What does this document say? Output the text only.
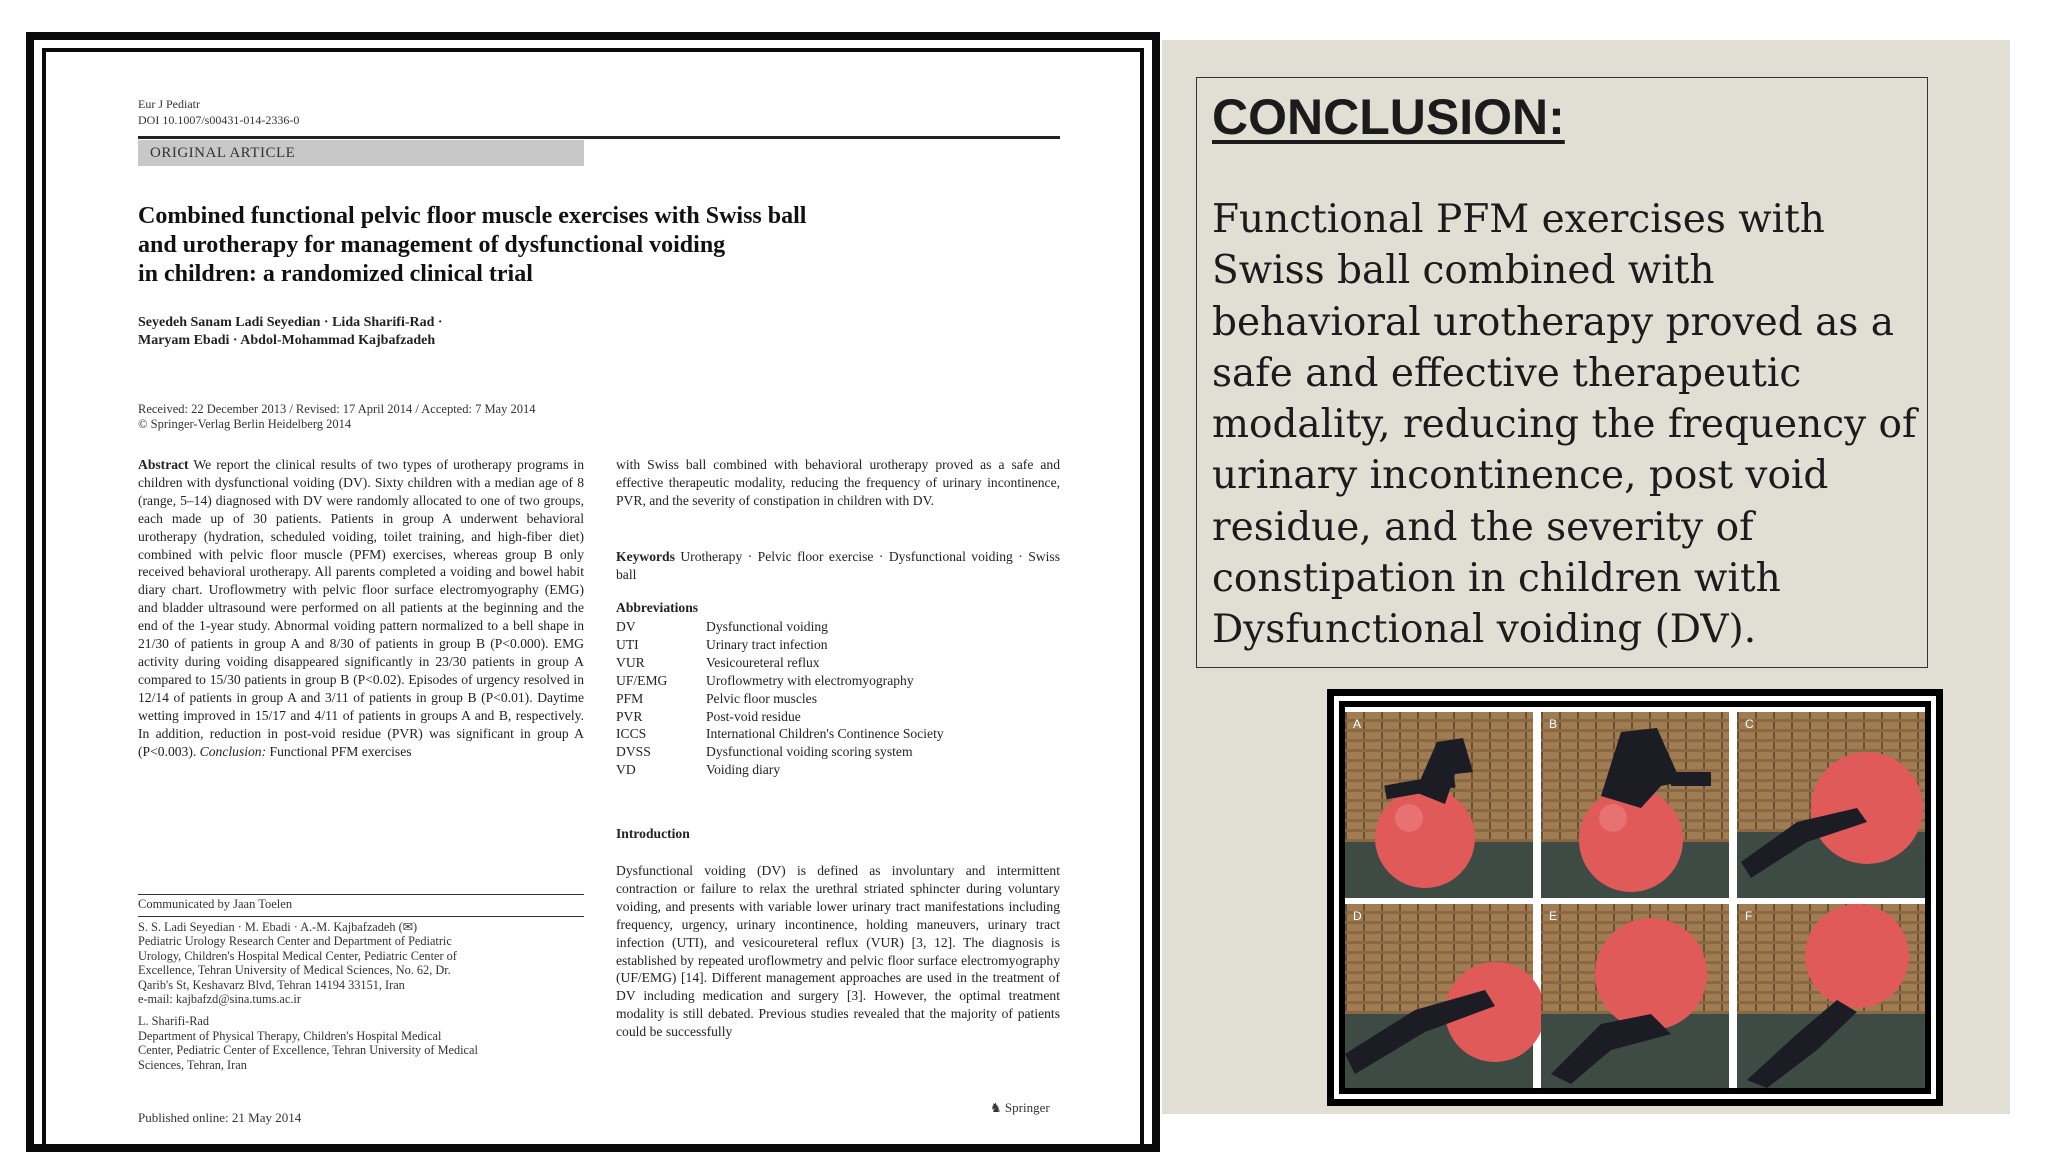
Eur J Pediatr
DOI 10.1007/s00431-014-2336-0
ORIGINAL ARTICLE
Combined functional pelvic floor muscle exercises with Swiss ball
and urotherapy for management of dysfunctional voiding
in children: a randomized clinical trial
Seyedeh Sanam Ladi Seyedian · Lida Sharifi-Rad ·
Maryam Ebadi · Abdol-Mohammad Kajbafzadeh
Received: 22 December 2013 / Revised: 17 April 2014 / Accepted: 7 May 2014
© Springer-Verlag Berlin Heidelberg 2014
Abstract We report the clinical results of two types of urotherapy programs in children with dysfunctional voiding (DV). Sixty children with a median age of 8 (range, 5–14) diagnosed with DV were randomly allocated to one of two groups, each made up of 30 patients. Patients in group A underwent behavioral urotherapy (hydration, scheduled voiding, toilet training, and high-fiber diet) combined with pelvic floor muscle (PFM) exercises, whereas group B only received behavioral urotherapy. All parents completed a voiding and bowel habit diary chart. Uroflowmetry with pelvic floor surface electromyography (EMG) and bladder ultrasound were performed on all patients at the beginning and the end of the 1-year study. Abnormal voiding pattern normalized to a bell shape in 21/30 of patients in group A and 8/30 of patients in group B (P<0.000). EMG activity during voiding disappeared significantly in 23/30 patients in group A compared to 15/30 patients in group B (P<0.02). Episodes of urgency resolved in 12/14 of patients in group A and 3/11 of patients in group B (P<0.01). Daytime wetting improved in 15/17 and 4/11 of patients in groups A and B, respectively. In addition, reduction in post-void residue (PVR) was significant in group A (P<0.003). Conclusion: Functional PFM exercises
with Swiss ball combined with behavioral urotherapy proved as a safe and effective therapeutic modality, reducing the frequency of urinary incontinence, PVR, and the severity of constipation in children with DV.
Keywords Urotherapy · Pelvic floor exercise · Dysfunctional voiding · Swiss ball
Abbreviations
DV	Dysfunctional voiding
UTI	Urinary tract infection
VUR	Vesicoureteral reflux
UF/EMG	Uroflowmetry with electromyography
PFM	Pelvic floor muscles
PVR	Post-void residue
ICCS	International Children's Continence Society
DVSS	Dysfunctional voiding scoring system
VD	Voiding diary
Introduction
Dysfunctional voiding (DV) is defined as involuntary and intermittent contraction or failure to relax the urethral striated sphincter during voluntary voiding, and presents with variable lower urinary tract manifestations including frequency, urgency, urinary incontinence, holding maneuvers, urinary tract infection (UTI), and vesicoureteral reflux (VUR) [3, 12]. The diagnosis is established by repeated uroflowmetry and pelvic floor surface electromyography (UF/EMG) [14]. Different management approaches are used in the treatment of DV including medication and surgery [3]. However, the optimal treatment modality is still debated. Previous studies revealed that the majority of patients could be successfully
Communicated by Jaan Toelen
S. S. Ladi Seyedian · M. Ebadi · A.-M. Kajbafzadeh (✉)
Pediatric Urology Research Center and Department of Pediatric
Urology, Children's Hospital Medical Center, Pediatric Center of
Excellence, Tehran University of Medical Sciences, No. 62, Dr.
Qarib's St, Keshavarz Blvd, Tehran 14194 33151, Iran
e-mail: kajbafzd@sina.tums.ac.ir
L. Sharifi-Rad
Department of Physical Therapy, Children's Hospital Medical
Center, Pediatric Center of Excellence, Tehran University of Medical
Sciences, Tehran, Iran
Published online: 21 May 2014
♞ Springer
CONCLUSION:
Functional PFM exercises with Swiss ball combined with behavioral urotherapy proved as a safe and effective therapeutic modality, reducing the frequency of urinary incontinence, post void residue, and the severity of constipation in children with Dysfunctional voiding (DV).
A	B	C
D	E	F
